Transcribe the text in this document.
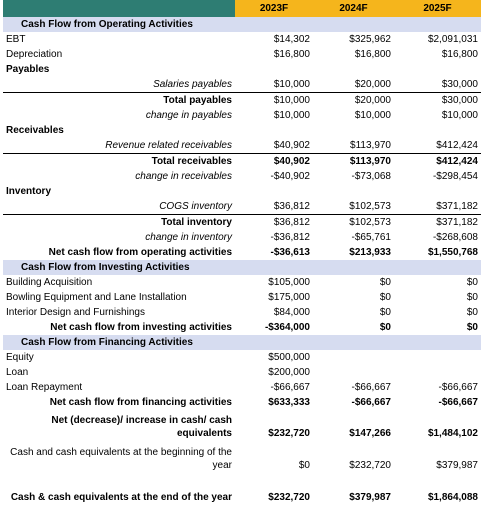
	2023F	2024F	2025F
Cash Flow from Operating Activities			
EBT	$14,302	$325,962	$2,091,031
Depreciation	$16,800	$16,800	$16,800
Payables			
Salaries payables	$10,000	$20,000	$30,000
Total payables	$10,000	$20,000	$30,000
change in payables	$10,000	$10,000	$10,000
Receivables			
Revenue related receivables	$40,902	$113,970	$412,424
Total receivables	$40,902	$113,970	$412,424
change in receivables	-$40,902	-$73,068	-$298,454
Inventory			
COGS inventory	$36,812	$102,573	$371,182
Total inventory	$36,812	$102,573	$371,182
change in inventory	-$36,812	-$65,761	-$268,608
Net cash flow from operating activities	-$36,613	$213,933	$1,550,768
Cash Flow from Investing Activities			
Building Acquisition	$105,000	$0	$0
Bowling Equipment and Lane Installation	$175,000	$0	$0
Interior Design and Furnishings	$84,000	$0	$0
Net cash flow from investing activities	-$364,000	$0	$0
Cash Flow from Financing Activities			
Equity	$500,000		
Loan	$200,000		
Loan Repayment	-$66,667	-$66,667	-$66,667
Net cash flow from financing activities	$633,333	-$66,667	-$66,667
Net (decrease)/ increase in cash/ cash equivalents	$232,720	$147,266	$1,484,102
Cash and cash equivalents at the beginning of the year	$0	$232,720	$379,987
Cash & cash equivalents at the end of the year	$232,720	$379,987	$1,864,088
